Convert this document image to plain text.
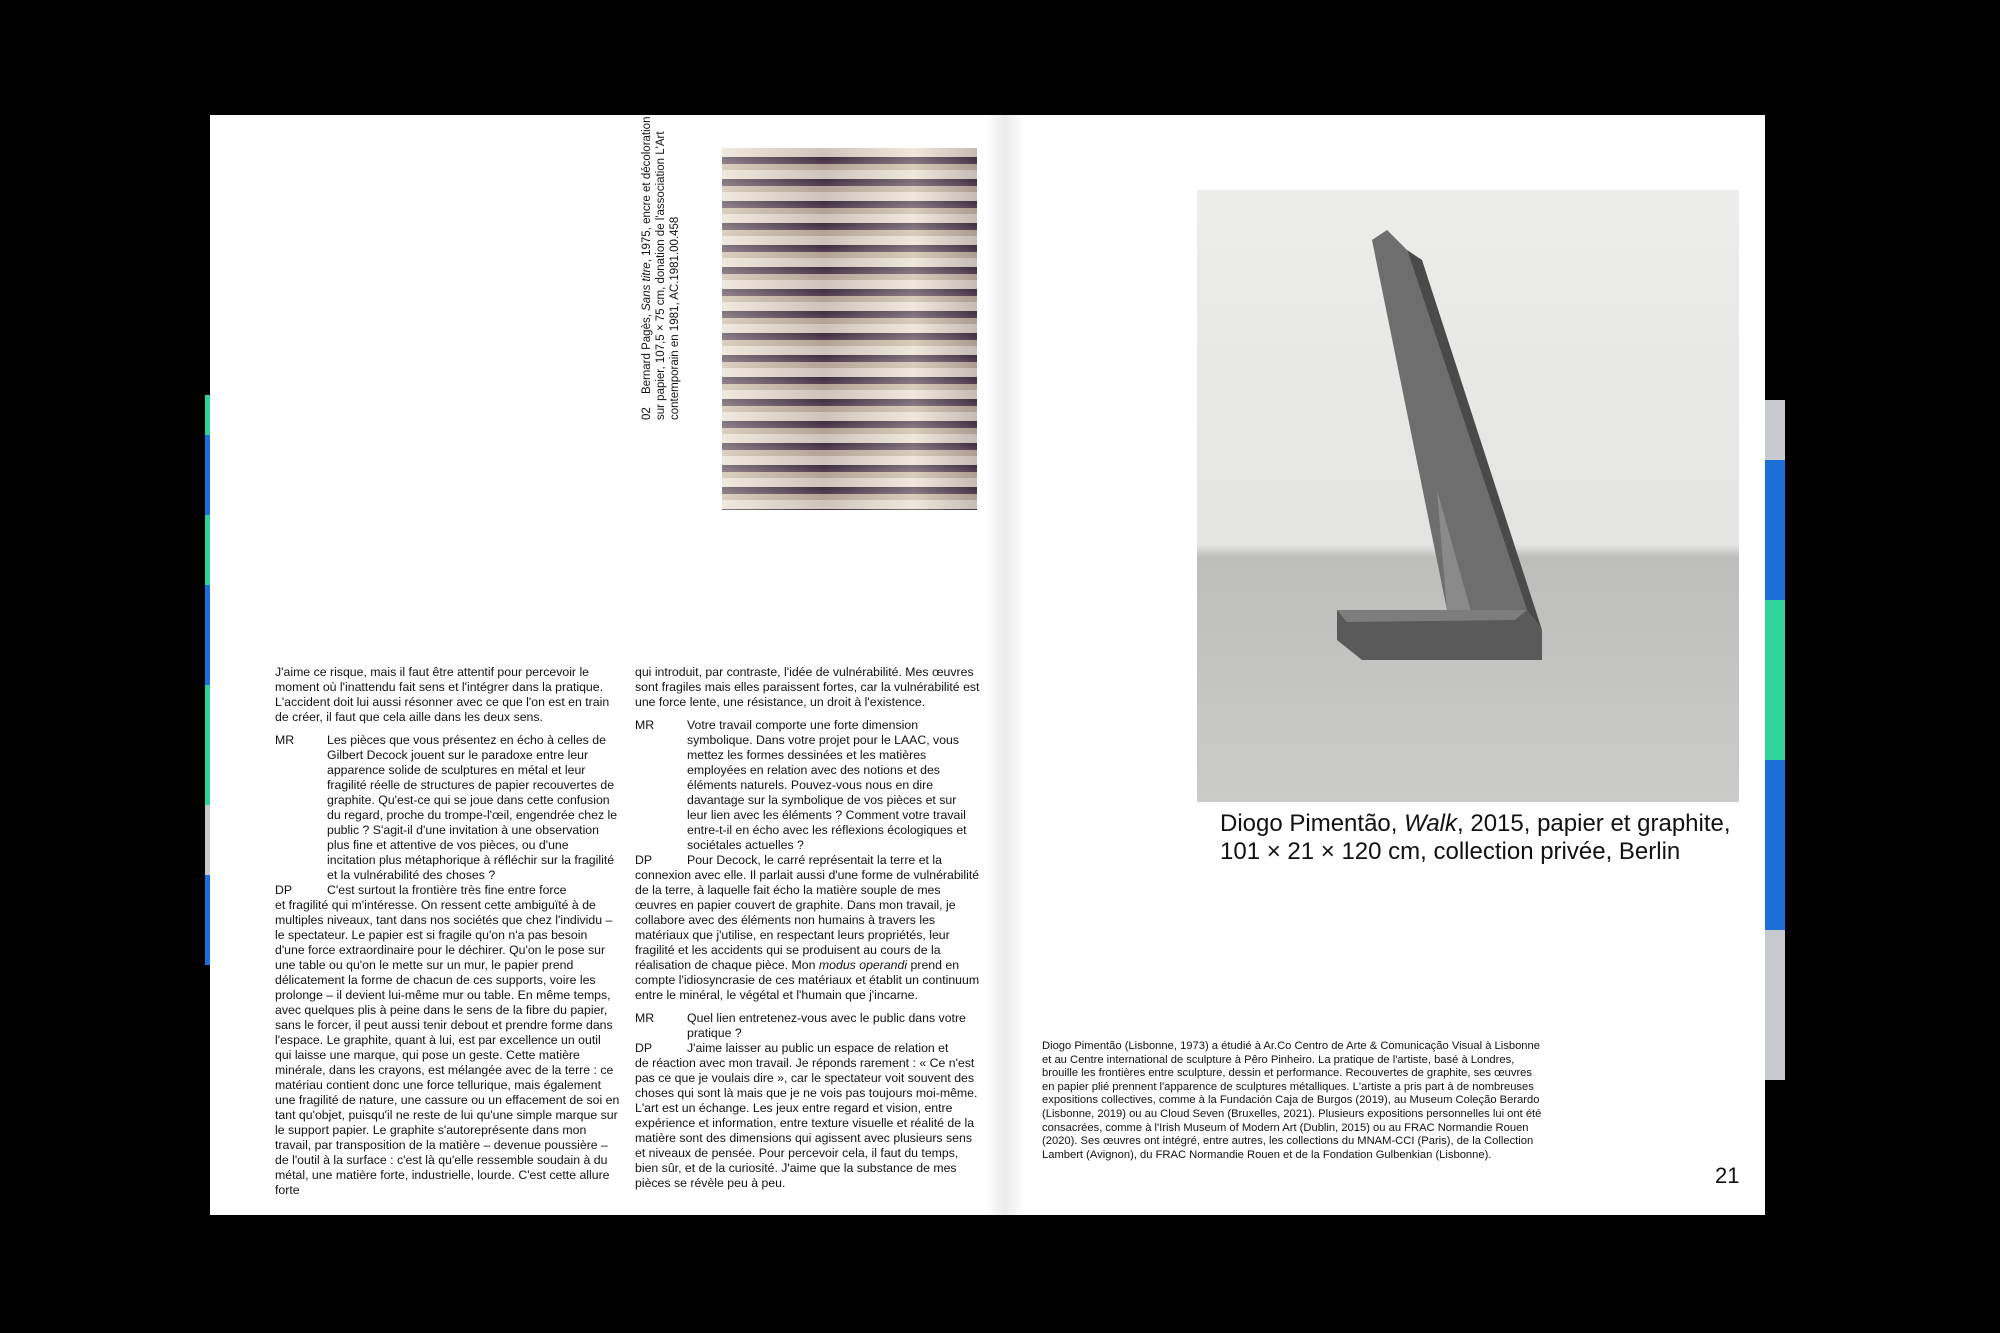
02 Bernard Pagès, Sans titre, 1975, encre et décoloration sur papier, 107,5 × 75 cm, donation de l'association L'Art contemporain en 1981, AC.1981.00.458

J'aime ce risque, mais il faut être attentif pour percevoir le moment où l'inattendu fait sens et l'intégrer dans la pratique. L'accident doit lui aussi résonner avec ce que l'on est en train de créer, il faut que cela aille dans les deux sens.

MR	Les pièces que vous présentez en écho à celles de Gilbert Decock jouent sur le paradoxe entre leur apparence solide de sculptures en métal et leur fragilité réelle de structures de papier recouvertes de graphite. Qu'est-ce qui se joue dans cette confusion du regard, proche du trompe-l'œil, engendrée chez le public ? S'agit-il d'une invitation à une observation plus fine et attentive de vos pièces, ou d'une incitation plus métaphorique à réfléchir sur la fragilité et la vulnérabilité des choses ?
DP	C'est surtout la frontière très fine entre force

et fragilité qui m'intéresse. On ressent cette ambiguïté à de multiples niveaux, tant dans nos sociétés que chez l'individu – le spectateur. Le papier est si fragile qu'on n'a pas besoin d'une force extraordinaire pour le déchirer. Qu'on le pose sur une table ou qu'on le mette sur un mur, le papier prend délicatement la forme de chacun de ces supports, voire les prolonge – il devient lui-même mur ou table. En même temps, avec quelques plis à peine dans le sens de la fibre du papier, sans le forcer, il peut aussi tenir debout et prendre forme dans l'espace. Le graphite, quant à lui, est par excellence un outil qui laisse une marque, qui pose un geste. Cette matière minérale, dans les crayons, est mélangée avec de la terre : ce matériau contient donc une force tellurique, mais également une fragilité de nature, une cassure ou un effacement de soi en tant qu'objet, puisqu'il ne reste de lui qu'une simple marque sur le support papier. Le graphite s'autoreprésente dans mon travail, par transposition de la matière – devenue poussière – de l'outil à la surface : c'est là qu'elle ressemble soudain à du métal, une matière forte, industrielle, lourde. C'est cette allure forte

qui introduit, par contraste, l'idée de vulnérabilité. Mes œuvres sont fragiles mais elles paraissent fortes, car la vulnérabilité est une force lente, une résistance, un droit à l'existence.

MR	Votre travail comporte une forte dimension symbolique. Dans votre projet pour le LAAC, vous mettez les formes dessinées et les matières employées en relation avec des notions et des éléments naturels. Pouvez-vous nous en dire davantage sur la symbolique de vos pièces et sur leur lien avec les éléments ? Comment votre travail entre-t-il en écho avec les réflexions écologiques et sociétales actuelles ?
DP	Pour Decock, le carré représentait la terre et la

connexion avec elle. Il parlait aussi d'une forme de vulnérabilité de la terre, à laquelle fait écho la matière souple de mes œuvres en papier couvert de graphite. Dans mon travail, je collabore avec des éléments non humains à travers les matériaux que j'utilise, en respectant leurs propriétés, leur fragilité et les accidents qui se produisent au cours de la réalisation de chaque pièce. Mon modus operandi prend en compte l'idiosyncrasie de ces matériaux et établit un continuum entre le minéral, le végétal et l'humain que j'incarne.

MR	Quel lien entretenez-vous avec le public dans votre pratique ?
DP	J'aime laisser au public un espace de relation et

de réaction avec mon travail. Je réponds rarement : « Ce n'est pas ce que je voulais dire », car le spectateur voit souvent des choses qui sont là mais que je ne vois pas toujours moi-même. L'art est un échange. Les jeux entre regard et vision, entre expérience et information, entre texture visuelle et réalité de la matière sont des dimensions qui agissent avec plusieurs sens et niveaux de pensée. Pour percevoir cela, il faut du temps, bien sûr, et de la curiosité. J'aime que la substance de mes pièces se révèle peu à peu.

Diogo Pimentão, Walk, 2015, papier et graphite, 101 × 21 × 120 cm, collection privée, Berlin
Diogo Pimentão (Lisbonne, 1973) a étudié à Ar.Co Centro de Arte & Comunicação Visual à Lisbonne et au Centre international de sculpture à Pêro Pinheiro. La pratique de l'artiste, basé à Londres, brouille les frontières entre sculpture, dessin et performance. Recouvertes de graphite, ses œuvres en papier plié prennent l'apparence de sculptures métalliques. L'artiste a pris part à de nombreuses expositions collectives, comme à la Fundación Caja de Burgos (2019), au Museum Coleção Berardo (Lisbonne, 2019) ou au Cloud Seven (Bruxelles, 2021). Plusieurs expositions personnelles lui ont été consacrées, comme à l'Irish Museum of Modern Art (Dublin, 2015) ou au FRAC Normandie Rouen (2020). Ses œuvres ont intégré, entre autres, les collections du MNAM-CCI (Paris), de la Collection Lambert (Avignon), du FRAC Normandie Rouen et de la Fondation Gulbenkian (Lisbonne).
21
